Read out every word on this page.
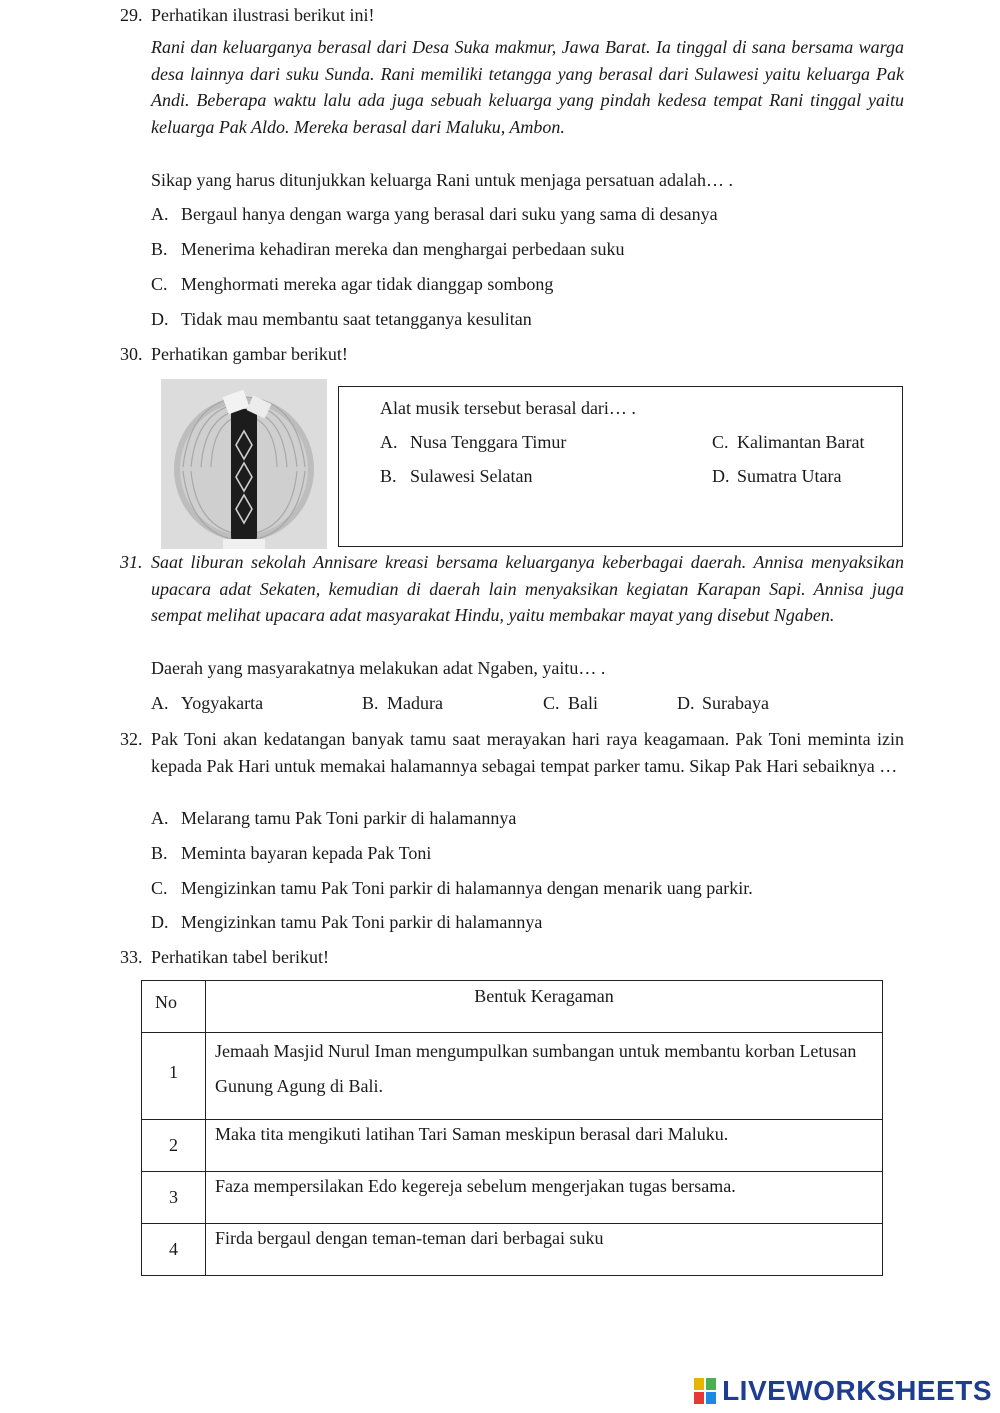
29. Perhatikan ilustrasi berikut ini!
Rani dan keluarganya berasal dari Desa Suka makmur, Jawa Barat. Ia tinggal di sana bersama warga desa lainnya dari suku Sunda. Rani memiliki tetangga yang berasal dari Sulawesi yaitu keluarga Pak Andi. Beberapa waktu lalu ada juga sebuah keluarga yang pindah kedesa tempat Rani tinggal yaitu keluarga Pak Aldo. Mereka berasal dari Maluku, Ambon.
Sikap yang harus ditunjukkan keluarga Rani untuk menjaga persatuan adalah… .
A. Bergaul hanya dengan warga yang berasal dari suku yang sama di desanya
B. Menerima kehadiran mereka dan menghargai perbedaan suku
C. Menghormati mereka agar tidak dianggap sombong
D. Tidak mau membantu saat tetangganya kesulitan
30. Perhatikan gambar berikut!
Alat musik tersebut berasal dari… .
A. Nusa Tenggara Timur
B. Sulawesi Selatan
C. Kalimantan Barat
D. Sumatra Utara
31. Saat liburan sekolah Annisare kreasi bersama keluarganya keberbagai daerah. Annisa menyaksikan upacara adat Sekaten, kemudian di daerah lain menyaksikan kegiatan Karapan Sapi. Annisa juga sempat melihat upacara adat masyarakat Hindu, yaitu membakar mayat yang disebut Ngaben.
Daerah yang masyarakatnya melakukan adat Ngaben, yaitu… .
A. Yogyakarta	B. Madura	C. Bali	D. Surabaya
32. Pak Toni akan kedatangan banyak tamu saat merayakan hari raya keagamaan. Pak Toni meminta izin kepada Pak Hari untuk memakai halamannya sebagai tempat parker tamu. Sikap Pak Hari sebaiknya …
A. Melarang tamu Pak Toni parkir di halamannya
B. Meminta bayaran kepada Pak Toni
C. Mengizinkan tamu Pak Toni parkir di halamannya dengan menarik uang parkir.
D. Mengizinkan tamu Pak Toni parkir di halamannya
33. Perhatikan tabel berikut!
No	Bentuk Keragaman
1	Jemaah Masjid Nurul Iman mengumpulkan sumbangan untuk membantu korban Letusan Gunung Agung di Bali.
2	Maka tita mengikuti latihan Tari Saman meskipun berasal dari Maluku.
3	Faza mempersilakan Edo kegereja sebelum mengerjakan tugas bersama.
4	Firda bergaul dengan teman-teman dari berbagai suku
LIVEWORKSHEETS
